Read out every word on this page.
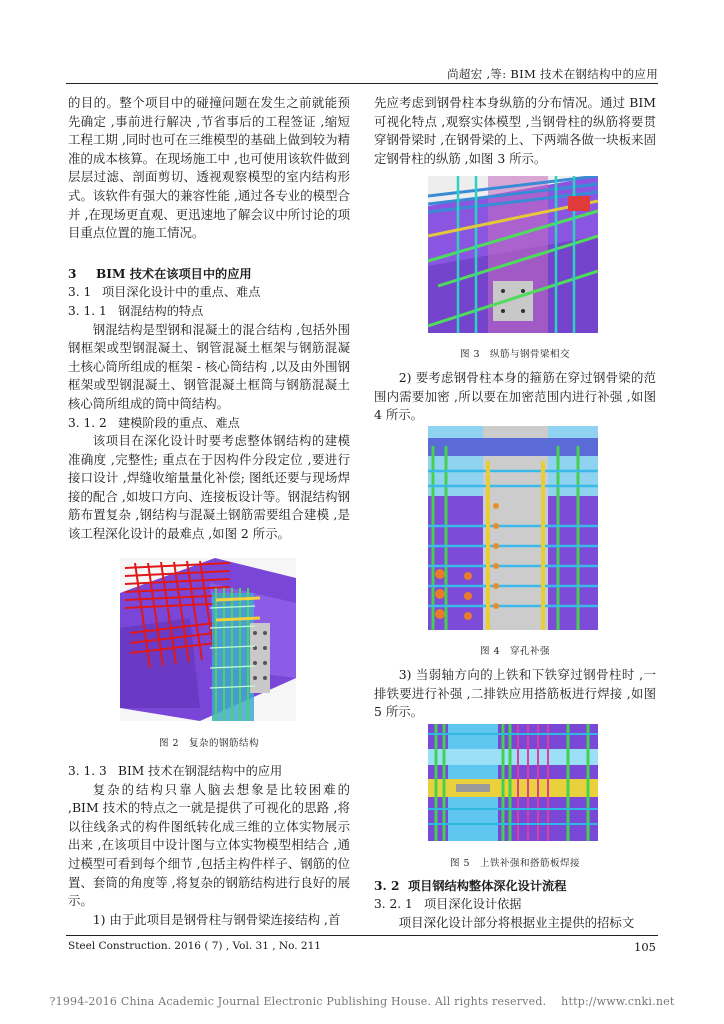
尚超宏 ,等: BIM 技术在钢结构中的应用

的目的。整个项目中的碰撞问题在发生之前就能预先确定 ,事前进行解决 ,节省事后的工程签证 ,缩短工程工期 ,同时也可在三维模型的基础上做到较为精准的成本核算。在现场施工中 ,也可使用该软件做到层层过滤、剖面剪切、透视观察模型的室内结构形式。该软件有强大的兼容性能 ,通过各专业的模型合并 ,在现场更直观、更迅速地了解会议中所讨论的项目重点位置的施工情况。

3 BIM 技术在该项目中的应用

3. 1 项目深化设计中的重点、难点

3. 1. 1 钢混结构的特点

钢混结构是型钢和混凝土的混合结构 ,包括外围钢框架或型钢混凝土、钢管混凝土框架与钢筋混凝土核心筒所组成的框架 - 核心筒结构 ,以及由外围钢框架或型钢混凝土、钢管混凝土框筒与钢筋混凝土核心筒所组成的筒中筒结构。

3. 1. 2 建模阶段的重点、难点

该项目在深化设计时要考虑整体钢结构的建模准确度 ,完整性; 重点在于因构件分段定位 ,要进行接口设计 ,焊缝收缩量量化补偿; 图纸还要与现场焊接的配合 ,如坡口方向、连接板设计等。钢混结构钢筋布置复杂 ,钢结构与混凝土钢筋需要组合建模 ,是该工程深化设计的最难点 ,如图 2 所示。

图 2　复杂的钢筋结构

3. 1. 3 BIM 技术在钢混结构中的应用

复杂的结构只靠人脑去想象是比较困难的 ,BIM 技术的特点之一就是提供了可视化的思路 ,将以往线条式的构件图纸转化成三维的立体实物展示出来 ,在该项目中设计图与立体实物模型相结合 ,通过模型可看到每个细节 ,包括主构件样子、钢筋的位置、套筒的角度等 ,将复杂的钢筋结构进行良好的展示。

1) 由于此项目是钢骨柱与钢骨梁连接结构 ,首

先应考虑到钢骨柱本身纵筋的分布情况。通过 BIM 可视化特点 ,观察实体模型 ,当钢骨柱的纵筋将要贯穿钢骨梁时 ,在钢骨梁的上、下两端各做一块板来固定钢骨柱的纵筋 ,如图 3 所示。

图 3　纵筋与钢骨梁相交

2) 要考虑钢骨柱本身的箍筋在穿过钢骨梁的范围内需要加密 ,所以要在加密范围内进行补强 ,如图 4 所示。

图 4　穿孔补强

3) 当弱轴方向的上铁和下铁穿过钢骨柱时 ,一排铁要进行补强 ,二排铁应用搭筋板进行焊接 ,如图 5 所示。

图 5　上铁补强和搭筋板焊接

3. 2 项目钢结构整体深化设计流程

3. 2. 1 项目深化设计依据

项目深化设计部分将根据业主提供的招标文

Steel Construction. 2016 ( 7) , Vol. 31 , No. 211	105
?1994-2016 China Academic Journal Electronic Publishing House. All rights reserved.　 http://www.cnki.net
